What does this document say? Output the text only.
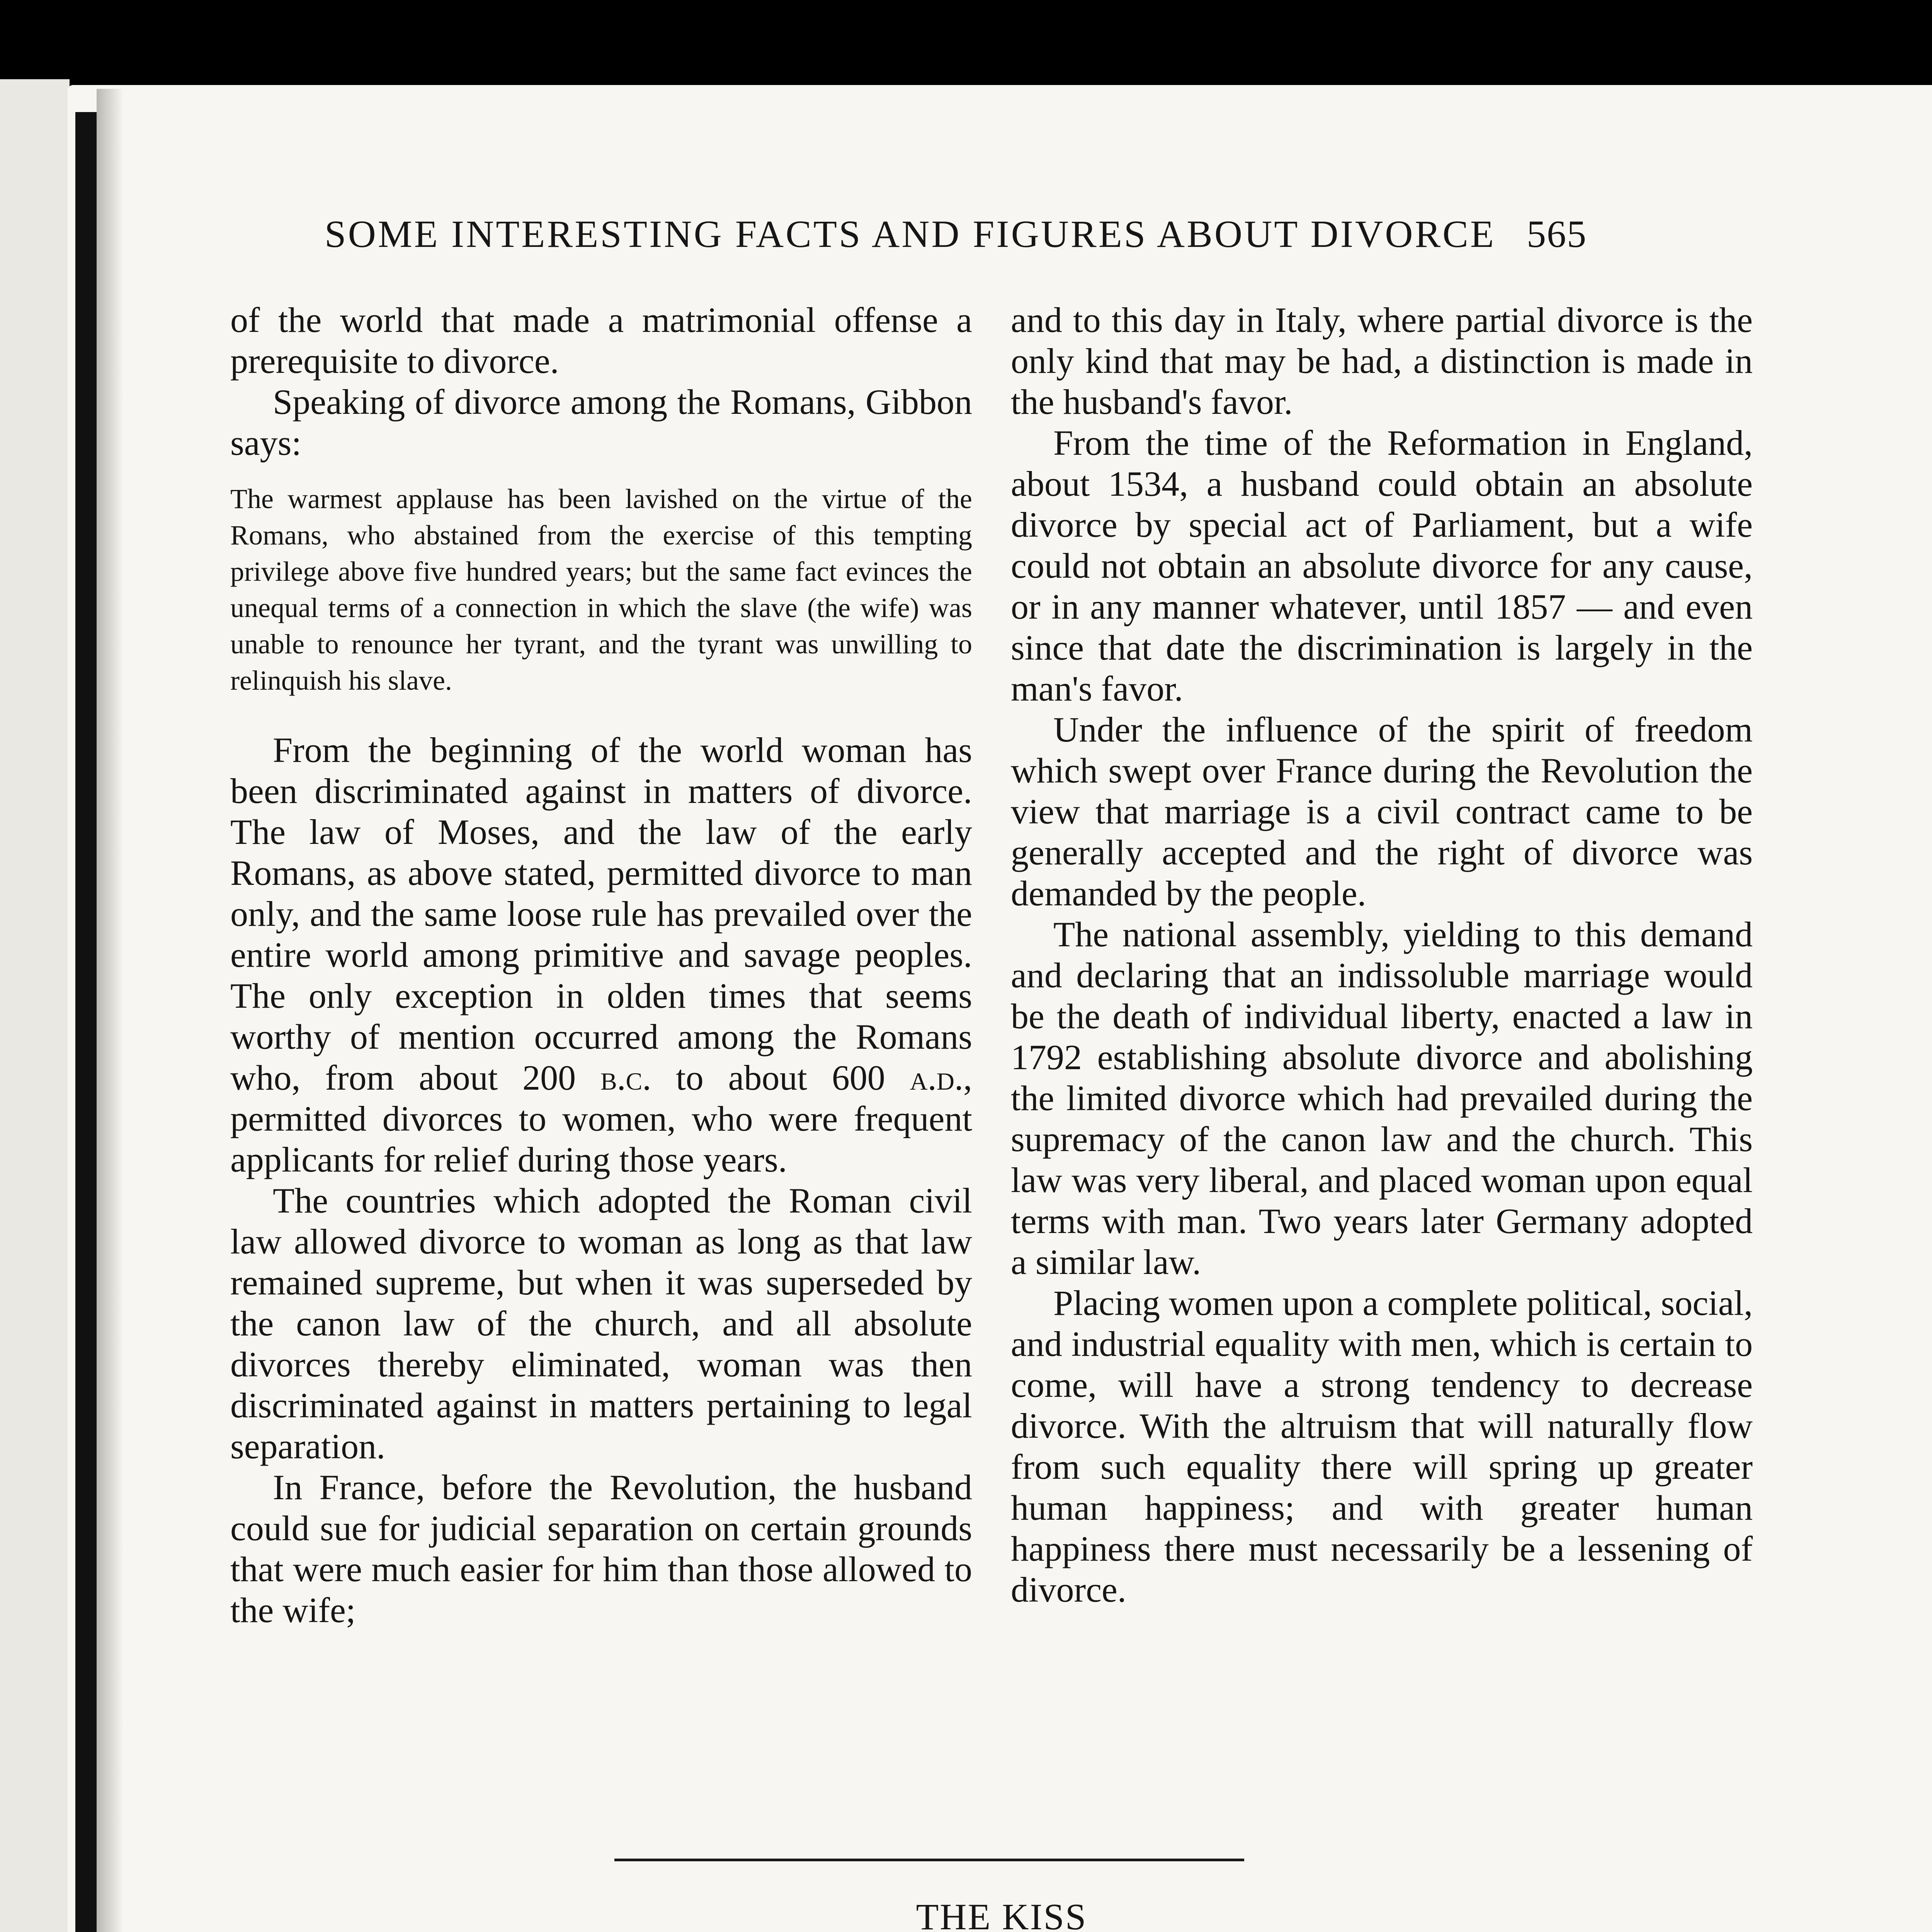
SOME INTERESTING FACTS AND FIGURES ABOUT DIVORCE 565

of the world that made a matrimonial offense a prerequisite to divorce.

Speaking of divorce among the Romans, Gibbon says:

The warmest applause has been lavished on the virtue of the Romans, who abstained from the exercise of this tempting privilege above five hundred years; but the same fact evinces the unequal terms of a connection in which the slave (the wife) was unable to renounce her tyrant, and the tyrant was unwilling to relinquish his slave.

From the beginning of the world woman has been discriminated against in matters of divorce. The law of Moses, and the law of the early Romans, as above stated, permitted divorce to man only, and the same loose rule has prevailed over the entire world among primitive and savage peoples. The only exception in olden times that seems worthy of mention occurred among the Romans who, from about 200 b.c. to about 600 a.d., permitted divorces to women, who were frequent applicants for relief during those years.

The countries which adopted the Roman civil law allowed divorce to woman as long as that law remained supreme, but when it was superseded by the canon law of the church, and all absolute divorces thereby eliminated, woman was then discriminated against in matters pertaining to legal separation.

In France, before the Revolution, the husband could sue for judicial separation on certain grounds that were much easier for him than those allowed to the wife;

and to this day in Italy, where partial divorce is the only kind that may be had, a distinction is made in the husband's favor.

From the time of the Reformation in England, about 1534, a husband could obtain an absolute divorce by special act of Parliament, but a wife could not obtain an absolute divorce for any cause, or in any manner whatever, until 1857 — and even since that date the discrimination is largely in the man's favor.

Under the influence of the spirit of freedom which swept over France during the Revolution the view that marriage is a civil contract came to be generally accepted and the right of divorce was demanded by the people.

The national assembly, yielding to this demand and declaring that an indissoluble marriage would be the death of individual liberty, enacted a law in 1792 establishing absolute divorce and abolishing the limited divorce which had prevailed during the supremacy of the canon law and the church. This law was very liberal, and placed woman upon equal terms with man. Two years later Germany adopted a similar law.

Placing women upon a complete political, social, and industrial equality with men, which is certain to come, will have a strong tendency to decrease divorce. With the altruism that will naturally flow from such equality there will spring up greater human happiness; and with greater human happiness there must necessarily be a lessening of divorce.

THE KISS
